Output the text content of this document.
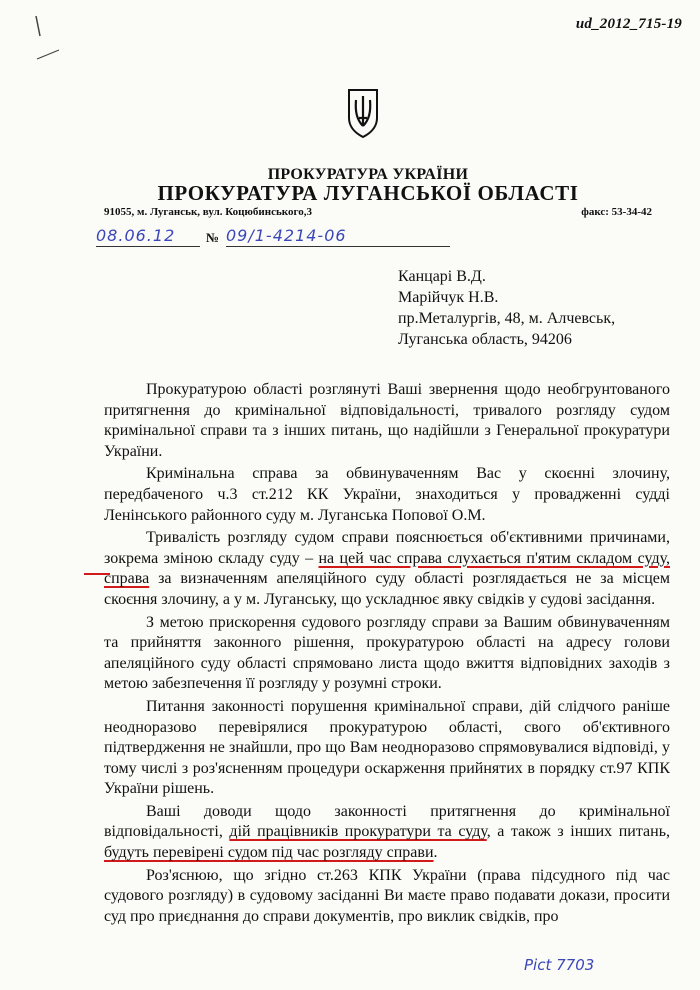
ud_2012_715-19
ПРОКУРАТУРА УКРАЇНИ
ПРОКУРАТУРА ЛУГАНСЬКОЇ ОБЛАСТІ
91055, м. Луганськ, вул. Коцюбинського,3	факс: 53-34-42
08.06.12	№ 09/1-4214-06
Канцарі В.Д.
Марійчук Н.В.
пр.Металургів, 48, м. Алчевськ,
Луганська область, 94206

Прокуратурою області розглянуті Ваші звернення щодо необгрунтованого притягнення до кримінальної відповідальності, тривалого розгляду судом кримінальної справи та з інших питань, що надійшли з Генеральної прокуратури України.

Кримінальна справа за обвинуваченням Вас у скоєнні злочину, передбаченого ч.3 ст.212 КК України, знаходиться у провадженні судді Ленінського районного суду м. Луганська Попової О.М.

Тривалість розгляду судом справи пояснюється об'єктивними причинами, зокрема зміною складу суду – на цей час справа слухається п'ятим складом суду, справа за визначенням апеляційного суду області розглядається не за місцем скоєння злочину, а у м. Луганську, що ускладнює явку свідків у судові засідання.

З метою прискорення судового розгляду справи за Вашим обвинуваченням та прийняття законного рішення, прокуратурою області на адресу голови апеляційного суду області спрямовано листа щодо вжиття відповідних заходів з метою забезпечення її розгляду у розумні строки.

Питання законності порушення кримінальної справи, дій слідчого раніше неодноразово перевірялися прокуратурою області, свого об'єктивного підтвердження не знайшли, про що Вам неодноразово спрямовувалися відповіді, у тому числі з роз'ясненням процедури оскарження прийнятих в порядку ст.97 КПК України рішень.

Ваші доводи щодо законності притягнення до кримінальної відповідальності, дій працівників прокуратури та суду, а також з інших питань, будуть перевірені судом під час розгляду справи.

Роз'яснюю, що згідно ст.263 КПК України (права підсудного під час судового розгляду) в судовому засіданні Ви маєте право подавати докази, просити суд про приєднання до справи документів, про виклик свідків, про

Pict 7703
